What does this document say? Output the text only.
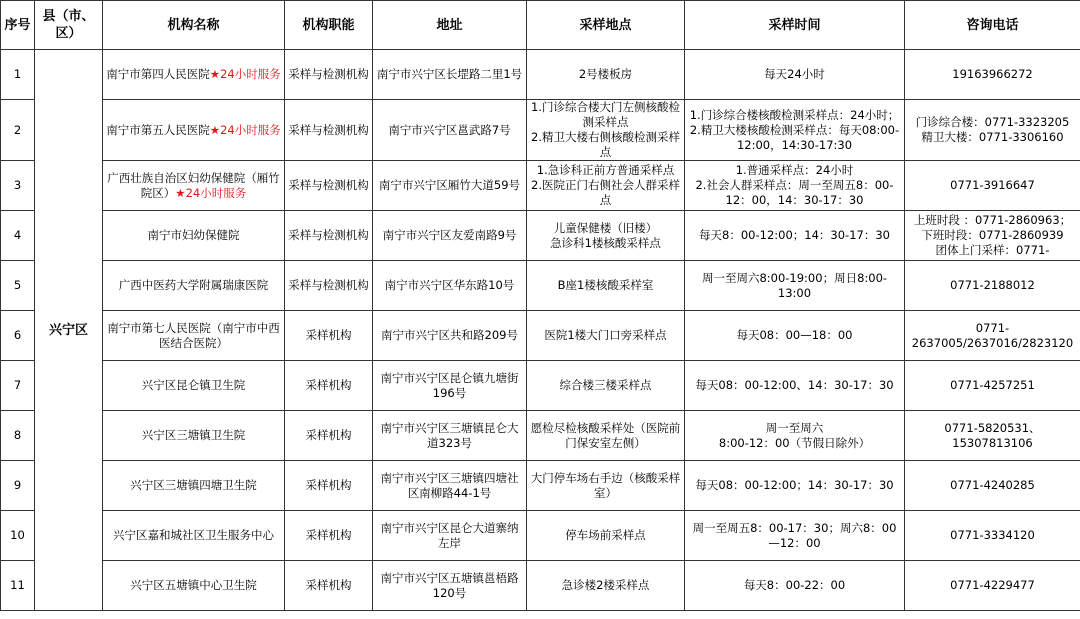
序号	县（市、区）	机构名称	机构职能	地址	采样地点	采样时间	咨询电话
1	兴宁区	南宁市第四人民医院★24小时服务	采样与检测机构	南宁市兴宁区长堽路二里1号	2号楼板房	每天24小时	19163966272

2		南宁市第五人民医院★24小时服务	采样与检测机构	南宁市兴宁区邕武路7号	1.门诊综合楼大门左侧核酸检测采样点
2.精卫大楼右侧核酸检测采样点	1.门诊综合楼核酸检测采样点：24小时；
2.精卫大楼核酸检测采样点：每天08:00-12:00，14:30-17:30	门诊综合楼：0771-3323205
精卫大楼：0771-3306160

3		广西壮族自治区妇幼保健院（厢竹院区）★24小时服务	采样与检测机构	南宁市兴宁区厢竹大道59号	1.急诊科正前方普通采样点
2.医院正门右侧社会人群采样点	1.普通采样点：24小时
2.社会人群采样点：周一至周五8：00-12：00，14：30-17：30	0771-3916647

4		南宁市妇幼保健院	采样与检测机构	南宁市兴宁区友爱南路9号	儿童保健楼（旧楼）
急诊科1楼核酸采样点	每天8：00-12:00；14：30-17：30	上班时段 ：0771-2860963；
下班时段：0771-2860939
团体上门采样：0771-

5		广西中医药大学附属瑞康医院	采样与检测机构	南宁市兴宁区华东路10号	B座1楼核酸采样室	周一至周六8:00-19:00；周日8:00-13:00	0771-2188012

6		南宁市第七人民医院（南宁市中西医结合医院）	采样机构	南宁市兴宁区共和路209号	医院1楼大门口旁采样点	每天08：00—18：00	0771-2637005/2637016/2823120

7		兴宁区昆仑镇卫生院	采样机构	南宁市兴宁区昆仑镇九塘街196号	综合楼三楼采样点	每天08：00-12:00、14：30-17：30	0771-4257251

8		兴宁区三塘镇卫生院	采样机构	南宁市兴宁区三塘镇昆仑大道323号	愿检尽检核酸采样处（医院前门保安室左侧）	周一至周六
8:00-12：00（节假日除外）	0771-5820531、15307813106

9		兴宁区三塘镇四塘卫生院	采样机构	南宁市兴宁区三塘镇四塘社区南柳路44-1号	大门停车场右手边（核酸采样室）	每天08：00-12:00；14：30-17：30	0771-4240285

10		兴宁区嘉和城社区卫生服务中心	采样机构	南宁市兴宁区昆仑大道寨纳左岸	停车场前采样点	周一至周五8：00-17：30；周六8：00—12：00	0771-3334120

11		兴宁区五塘镇中心卫生院	采样机构	南宁市兴宁区五塘镇邕梧路120号	急诊楼2楼采样点	每天8：00-22：00	0771-4229477
